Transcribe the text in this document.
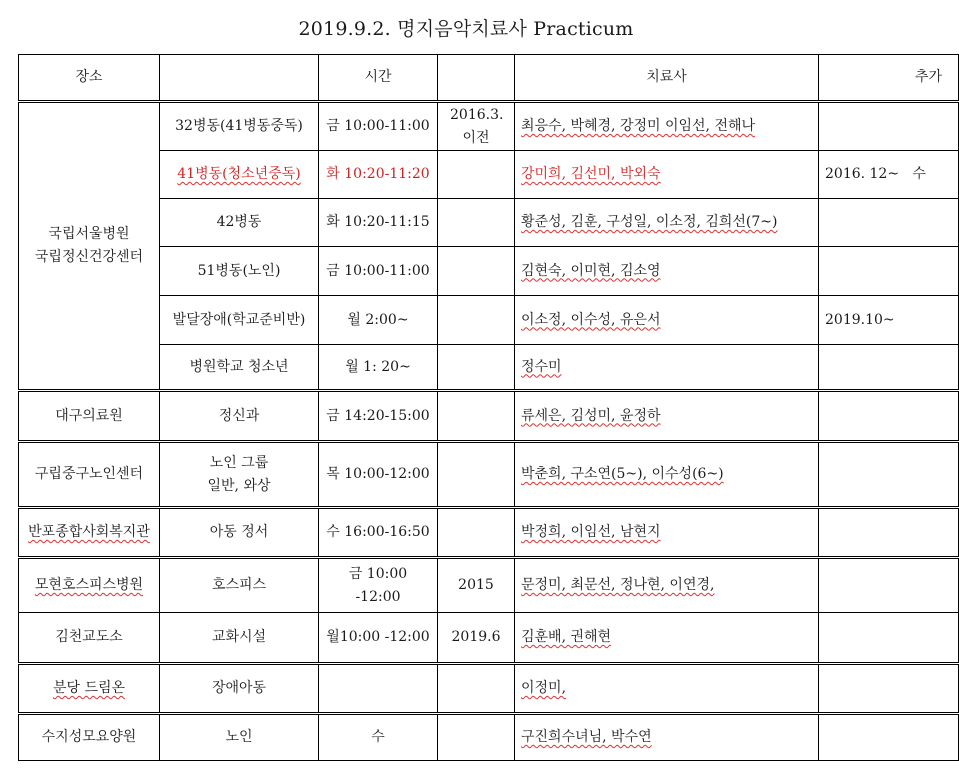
2019.9.2. 명지음악치료사 Practicum
장소		시간		치료사	추가

국립서울병원
국립정신건강센터	32병동(41병동중독)	금 10:00-11:00	2016.3. 이전	최응수, 박혜경, 강정미 이임선, 전해나	
	41병동(청소년중독)	화 10:20-11:20		강미희, 김선미, 박외숙	2016. 12~   수
	42병동	화 10:20-11:15		황준성, 김훈, 구성일, 이소정, 김희선(7~)	
	51병동(노인)	금 10:00-11:00		김현숙, 이미현, 김소영	
	발달장애(학교준비반)	월 2:00~		이소정, 이수성, 유은서	2019.10~
	병원학교 청소년	월 1: 20~		정수미	
대구의료원	정신과	금 14:20-15:00		류세은, 김성미, 윤정하	
구립중구노인센터	노인 그룹
일반, 와상	목 10:00-12:00		박춘희, 구소연(5~), 이수성(6~)	
반포종합사회복지관	아동 정서	수 16:00-16:50		박정희, 이임선, 남현지	
모현호스피스병원	호스피스	금 10:00
-12:00	2015	문정미, 최문선, 정나현, 이연경,	
김천교도소	교화시설	월10:00 -12:00	2019.6	김훈배, 권해현	
분당 드림온	장애아동			이정미,	
수지성모요양원	노인	수		구진희수녀님, 박수연	
